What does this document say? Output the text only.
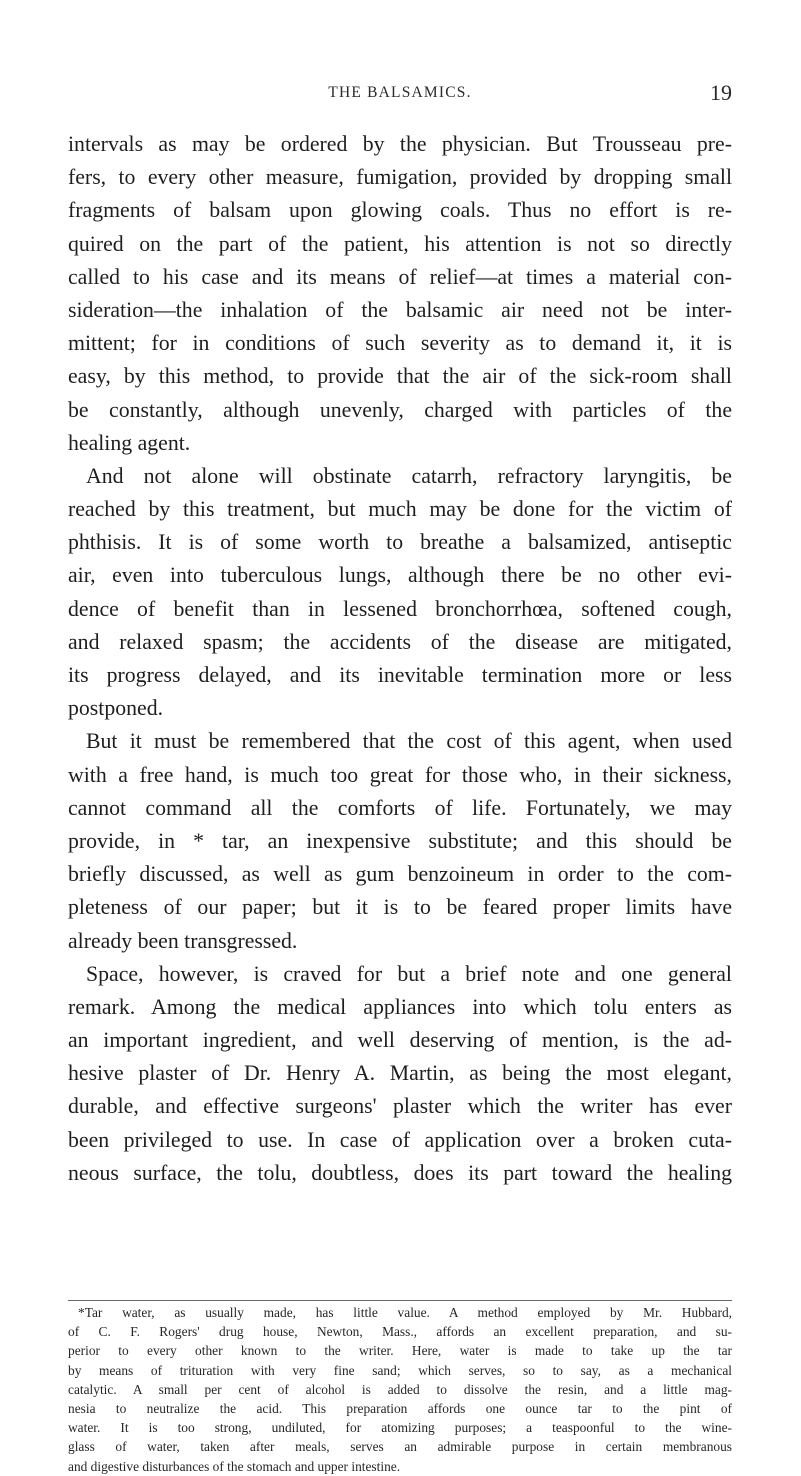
THE BALSAMICS.	19
intervals as may be ordered by the physician. But Trousseau pre-
fers, to every other measure, fumigation, provided by dropping small
fragments of balsam upon glowing coals. Thus no effort is re-
quired on the part of the patient, his attention is not so directly
called to his case and its means of relief—at times a material con-
sideration—the inhalation of the balsamic air need not be inter-
mittent; for in conditions of such severity as to demand it, it is
easy, by this method, to provide that the air of the sick-room shall
be constantly, although unevenly, charged with particles of the
healing agent.
And not alone will obstinate catarrh, refractory laryngitis, be
reached by this treatment, but much may be done for the victim of
phthisis. It is of some worth to breathe a balsamized, antiseptic
air, even into tuberculous lungs, although there be no other evi-
dence of benefit than in lessened bronchorrhœa, softened cough,
and relaxed spasm; the accidents of the disease are mitigated,
its progress delayed, and its inevitable termination more or less
postponed.
But it must be remembered that the cost of this agent, when used
with a free hand, is much too great for those who, in their sickness,
cannot command all the comforts of life. Fortunately, we may
provide, in * tar, an inexpensive substitute; and this should be
briefly discussed, as well as gum benzoineum in order to the com-
pleteness of our paper; but it is to be feared proper limits have
already been transgressed.
Space, however, is craved for but a brief note and one general
remark. Among the medical appliances into which tolu enters as
an important ingredient, and well deserving of mention, is the ad-
hesive plaster of Dr. Henry A. Martin, as being the most elegant,
durable, and effective surgeons' plaster which the writer has ever
been privileged to use. In case of application over a broken cuta-
neous surface, the tolu, doubtless, does its part toward the healing
*Tar water, as usually made, has little value. A method employed by Mr. Hubbard,
of C. F. Rogers' drug house, Newton, Mass., affords an excellent preparation, and su-
perior to every other known to the writer. Here, water is made to take up the tar
by means of trituration with very fine sand; which serves, so to say, as a mechanical
catalytic. A small per cent of alcohol is added to dissolve the resin, and a little mag-
nesia to neutralize the acid. This preparation affords one ounce tar to the pint of
water. It is too strong, undiluted, for atomizing purposes; a teaspoonful to the wine-
glass of water, taken after meals, serves an admirable purpose in certain membranous
and digestive disturbances of the stomach and upper intestine.
